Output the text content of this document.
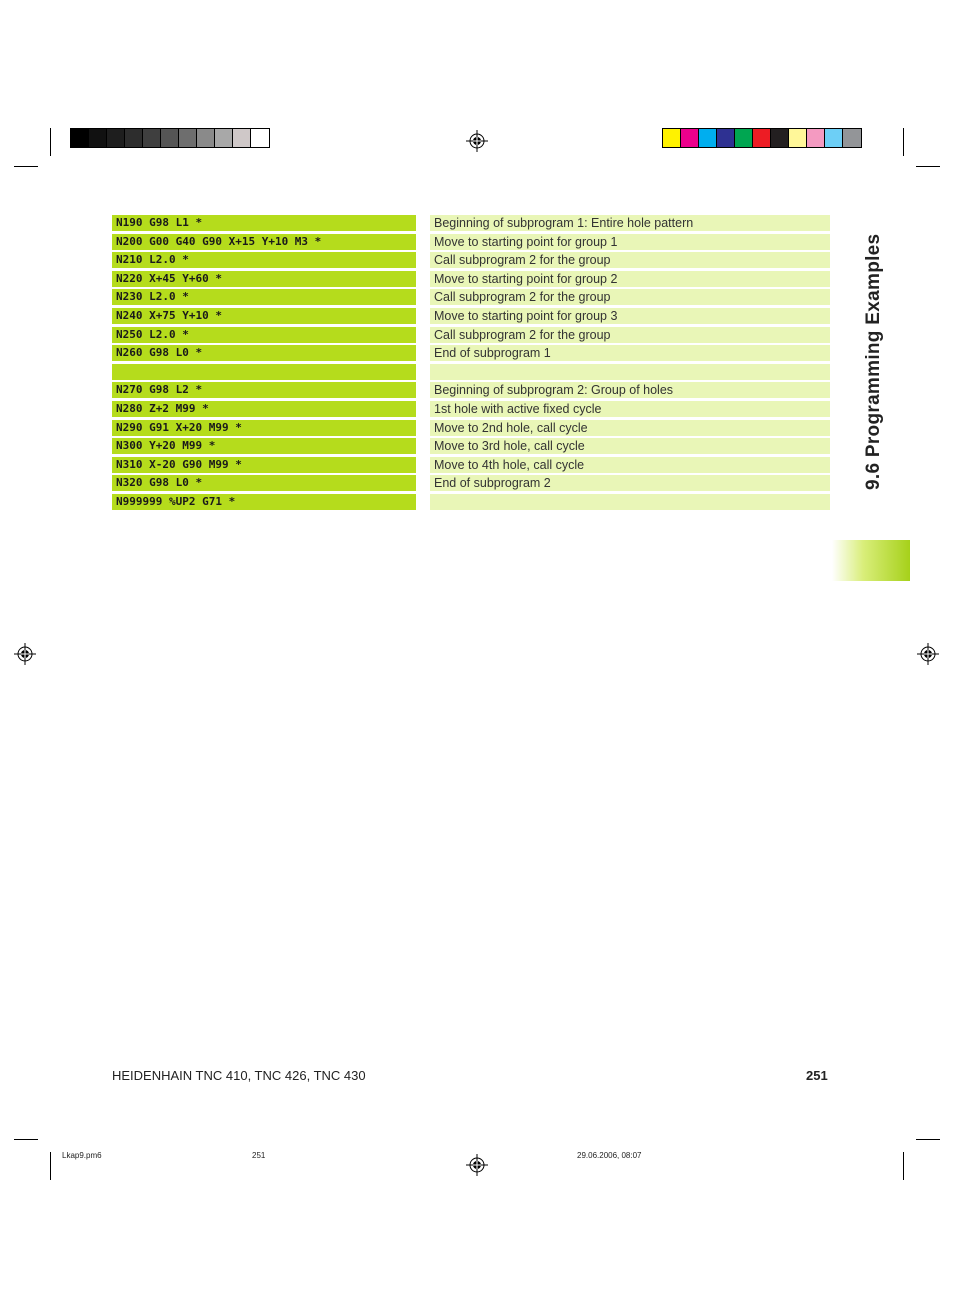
N190 G98 L1 *	Beginning of subprogram 1: Entire hole pattern
N200 G00 G40 G90 X+15 Y+10 M3 *	Move to starting point for group 1
N210 L2.0 *	Call subprogram 2 for the group
N220 X+45 Y+60 *	Move to starting point for group 2
N230 L2.0 *	Call subprogram 2 for the group
N240 X+75 Y+10 *	Move to starting point for group 3
N250 L2.0 *	Call subprogram 2 for the group
N260 G98 L0 *	End of subprogram 1
N270 G98 L2 *	Beginning of subprogram 2: Group of holes
N280 Z+2 M99 *	1st hole with active fixed cycle
N290 G91 X+20 M99 *	Move to 2nd hole, call cycle
N300 Y+20 M99 *	Move to 3rd hole, call cycle
N310 X-20 G90 M99 *	Move to 4th hole, call cycle
N320 G98 L0 *	End of subprogram 2
N999999 %UP2 G71 *
9.6 Programming Examples
HEIDENHAIN TNC 410, TNC 426, TNC 430	251
Lkap9.pm6	251	29.06.2006, 08:07
